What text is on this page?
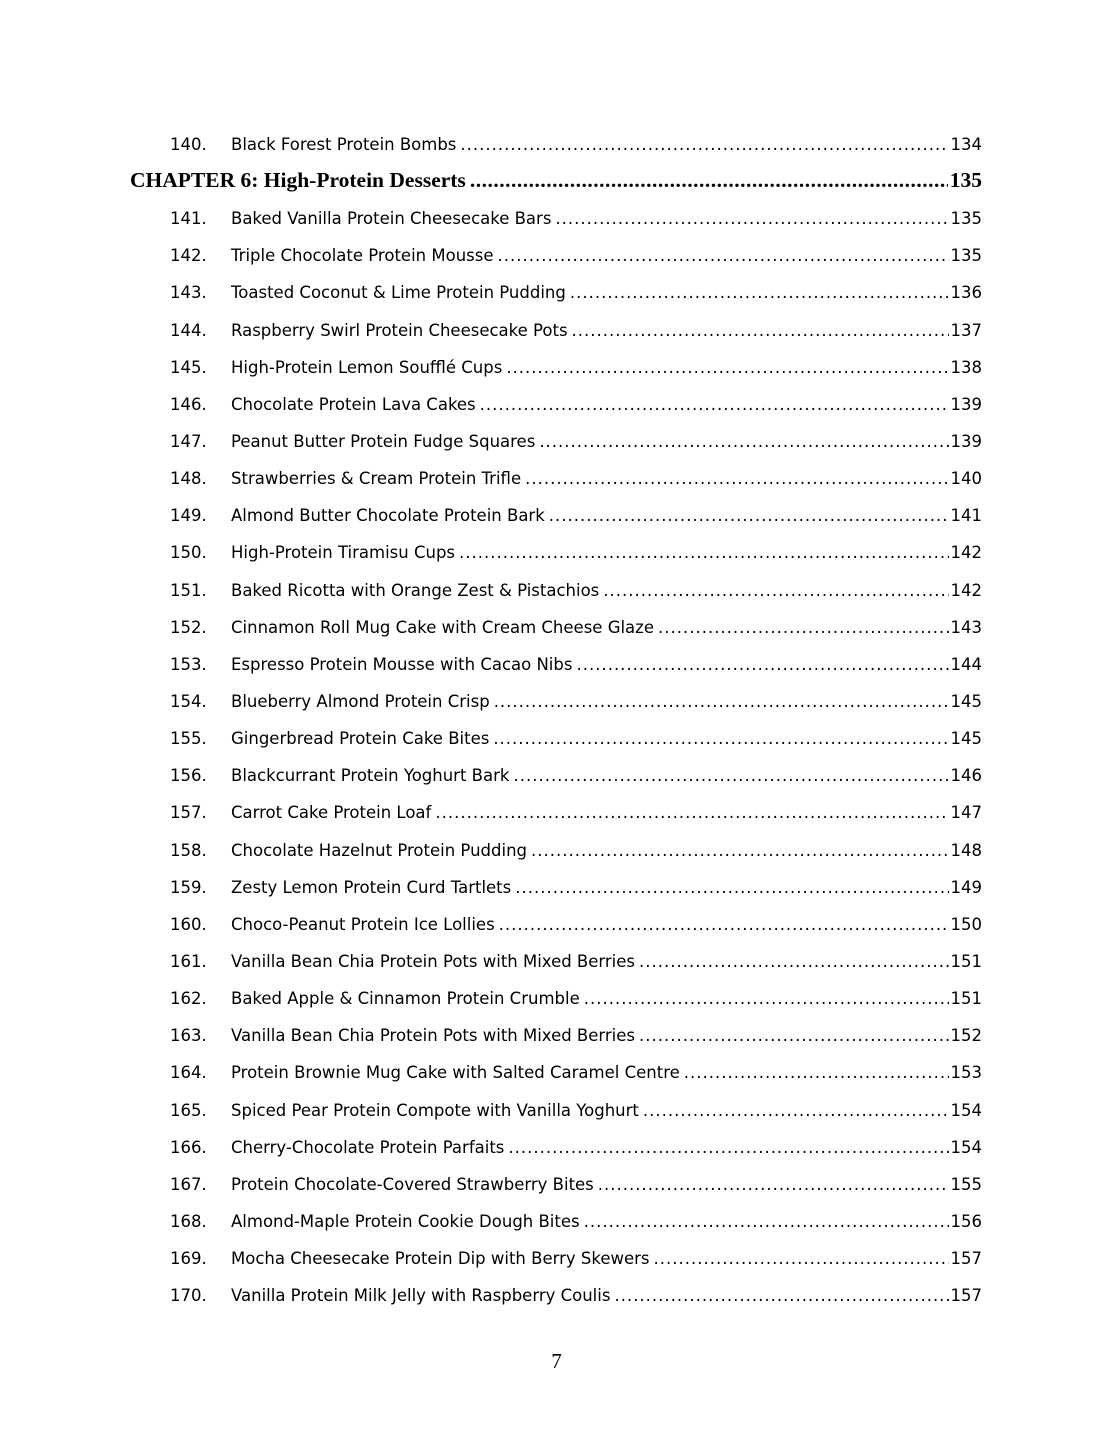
140.	Black Forest Protein Bombs .....	134
CHAPTER 6: High-Protein Desserts .....	135
141.	Baked Vanilla Protein Cheesecake Bars .....	135
142.	Triple Chocolate Protein Mousse .....	135
143.	Toasted Coconut & Lime Protein Pudding .....	136
144.	Raspberry Swirl Protein Cheesecake Pots .....	137
145.	High-Protein Lemon Soufflé Cups .....	138
146.	Chocolate Protein Lava Cakes .....	139
147.	Peanut Butter Protein Fudge Squares .....	139
148.	Strawberries & Cream Protein Trifle .....	140
149.	Almond Butter Chocolate Protein Bark .....	141
150.	High-Protein Tiramisu Cups .....	142
151.	Baked Ricotta with Orange Zest & Pistachios .....	142
152.	Cinnamon Roll Mug Cake with Cream Cheese Glaze .....	143
153.	Espresso Protein Mousse with Cacao Nibs .....	144
154.	Blueberry Almond Protein Crisp .....	145
155.	Gingerbread Protein Cake Bites .....	145
156.	Blackcurrant Protein Yoghurt Bark .....	146
157.	Carrot Cake Protein Loaf .....	147
158.	Chocolate Hazelnut Protein Pudding .....	148
159.	Zesty Lemon Protein Curd Tartlets .....	149
160.	Choco-Peanut Protein Ice Lollies .....	150
161.	Vanilla Bean Chia Protein Pots with Mixed Berries .....	151
162.	Baked Apple & Cinnamon Protein Crumble .....	151
163.	Vanilla Bean Chia Protein Pots with Mixed Berries .....	152
164.	Protein Brownie Mug Cake with Salted Caramel Centre .....	153
165.	Spiced Pear Protein Compote with Vanilla Yoghurt .....	154
166.	Cherry-Chocolate Protein Parfaits .....	154
167.	Protein Chocolate-Covered Strawberry Bites .....	155
168.	Almond-Maple Protein Cookie Dough Bites .....	156
169.	Mocha Cheesecake Protein Dip with Berry Skewers .....	157
170.	Vanilla Protein Milk Jelly with Raspberry Coulis .....	157
7
